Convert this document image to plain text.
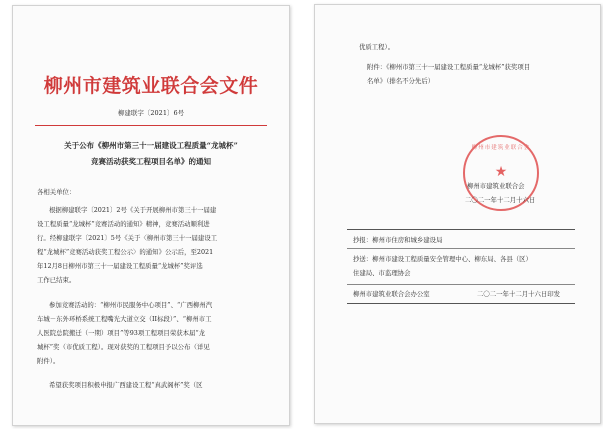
柳州市建筑业联合会文件
柳建联字〔2021〕6号
关于公布《柳州市第三十一届建设工程质量“龙城杯”
竞赛活动获奖工程项目名单》的通知
各相关单位：
根据柳建联字〔2021〕2号《关于开展柳州市第三十一届建
设工程质量“龙城杯”竞赛活动的通知》精神，竞赛活动顺利进
行。经柳建联字〔2021〕5号《关于〈柳州市第三十一届建设工
程“龙城杯”竞赛活动获奖工程公示〉的通知》公示后，至2021
年12月8日柳州市第三十一届建设工程质量“龙城杯”奖评选
工作已结束。
参加竞赛活动的：“柳州市民服务中心项目”、“广西柳州汽
车城－东外环桥系统工程嘴光大道立交（II标段）”、“柳州市工
人医院总院搬迁（一期）项目”等93项工程项目荣获本届“龙
城杯”奖（市优质工程）。现对获奖的工程项目予以公布（详见
附件）。
希望获奖项目积极申报广西建设工程“真武阁杯”奖（区
优质工程）。
附件：《柳州市第三十一届建设工程质量“龙城杯”获奖项目
名单》（排名不分先后）
柳州市建筑业联合会
★
柳州市建筑业联合会
二〇二一年十二月十六日
抄报：柳州市住房和城乡建设局
抄送：柳州市建设工程质量安全管理中心、柳东局、各县（区）
住建局、市监理协会
柳州市建筑业联合会办公室	二〇二一年十二月十六日印发
